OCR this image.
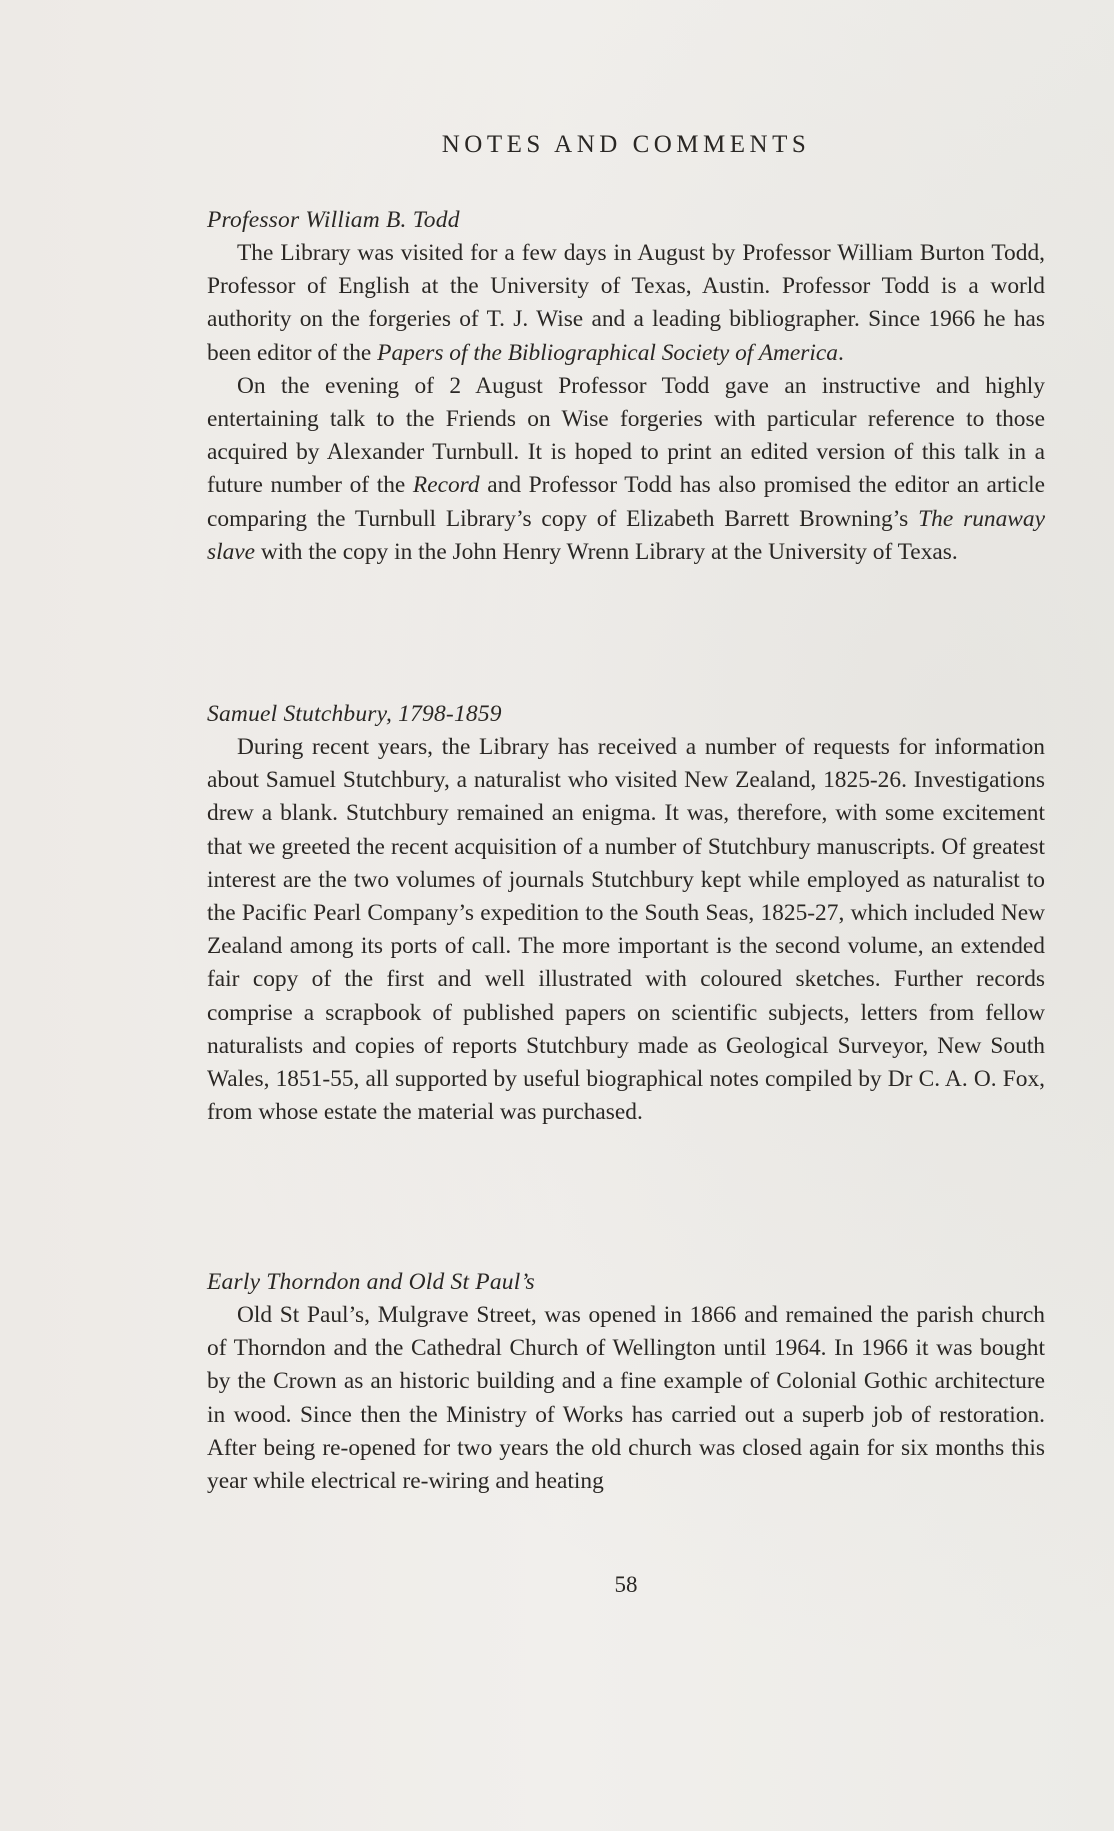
NOTES AND COMMENTS
Professor William B. Todd

The Library was visited for a few days in August by Professor William Burton Todd, Professor of English at the University of Texas, Austin. Professor Todd is a world authority on the forgeries of T. J. Wise and a leading bibliographer. Since 1966 he has been editor of the Papers of the Bibliographical Society of America.

On the evening of 2 August Professor Todd gave an instructive and highly entertaining talk to the Friends on Wise forgeries with particular reference to those acquired by Alexander Turnbull. It is hoped to print an edited version of this talk in a future number of the Record and Professor Todd has also promised the editor an article comparing the Turnbull Library’s copy of Elizabeth Barrett Browning’s The runaway slave with the copy in the John Henry Wrenn Library at the University of Texas.

Samuel Stutchbury, 1798-1859

During recent years, the Library has received a number of requests for information about Samuel Stutchbury, a naturalist who visited New Zealand, 1825-26. Investigations drew a blank. Stutchbury remained an enigma. It was, therefore, with some excitement that we greeted the recent acquisition of a number of Stutchbury manuscripts. Of greatest interest are the two volumes of journals Stutchbury kept while employed as naturalist to the Pacific Pearl Company’s expedition to the South Seas, 1825-27, which included New Zealand among its ports of call. The more important is the second volume, an extended fair copy of the first and well illustrated with coloured sketches. Further records comprise a scrapbook of published papers on scientific subjects, letters from fellow naturalists and copies of reports Stutchbury made as Geological Surveyor, New South Wales, 1851-55, all supported by useful biographical notes compiled by Dr C. A. O. Fox, from whose estate the material was purchased.

Early Thorndon and Old St Paul’s

Old St Paul’s, Mulgrave Street, was opened in 1866 and remained the parish church of Thorndon and the Cathedral Church of Wellington until 1964. In 1966 it was bought by the Crown as an historic building and a fine example of Colonial Gothic architecture in wood. Since then the Ministry of Works has carried out a superb job of restoration. After being re-opened for two years the old church was closed again for six months this year while electrical re-wiring and heating

58
